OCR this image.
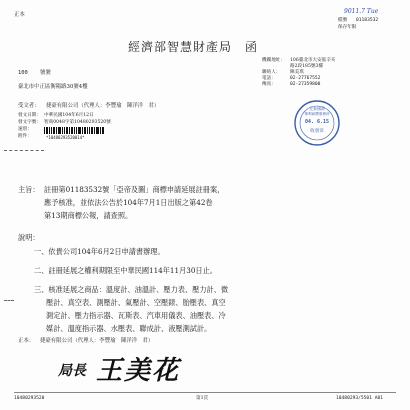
正本	9011.7 Tue
檔號 01183532
保存年限
經濟部智慧財產局　函
機關地址： 106臺北市大安區辛亥
路2段185號3樓
聯絡人： 陳美琪
電話：	02-27767552
傳真：	02-27359800
100 號號
臺北市中正區衡陽路30號4樓
受文者： 捷豪有限公司（代理人：李豐瑜　陳洋洋　君）
發文日期： 中華民國104年6月12日
發文字號： 智商0048字第10480293520號
速別：
附件：	*10480293520014*
全泰國際
專利商標事務所
04. 6.15
收發章
主旨： 註冊第01183532號「亞帝及圖」商標申請延展註冊案，
應予核准，並依法公告於104年7月1日出版之第42卷
第13期商標公報，請查照。
說明：
一、依貴公司104年6月2日申請書辦理。
二、註冊延展之權利期限至中華民國114年11月30日止。
三、核准延展之商品：溫度計、油溫計、壓力表、壓力計、微
壓計、真空表、測壓計、氣壓計、空壓錶、胎壓表、真空
測定計、壓力指示器、瓦斯表、汽車用儀表、油壓表、冷
媒計、溫度指示器、水壓表、聯成計、液壓測試計。
正本： 捷豪有限公司（代理人：李豐瑜　陳洋洋　君）
局長 王美花
10480293520	第1頁	10480293/5501 A01
